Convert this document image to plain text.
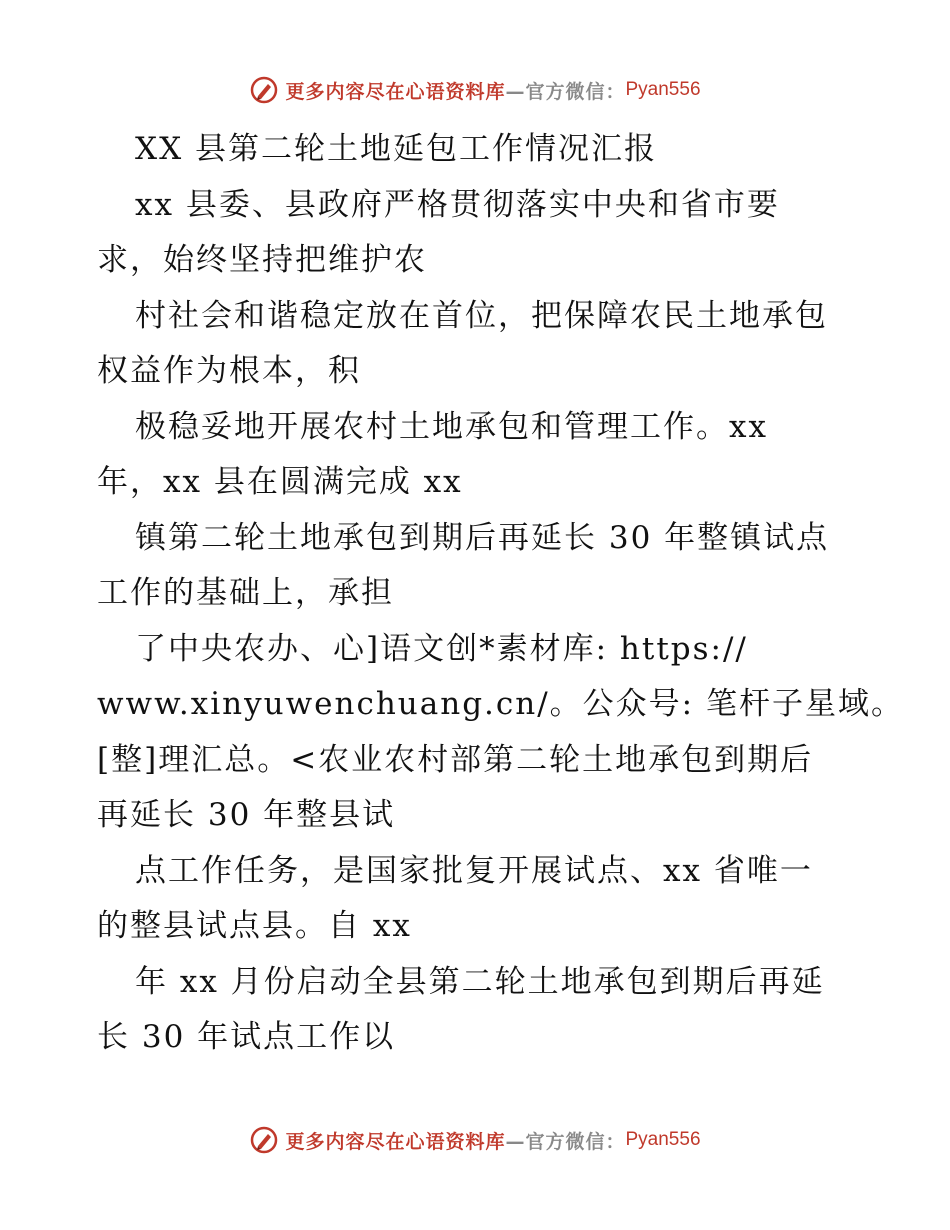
更多内容尽在心语资料库 —官方微信： Pyan556
XX 县第二轮土地延包工作情况汇报
xx 县委、县政府严格贯彻落实中央和省市要
求，始终坚持把维护农
村社会和谐稳定放在首位，把保障农民土地承包
权益作为根本，积
极稳妥地开展农村土地承包和管理工作。xx
年，xx 县在圆满完成 xx
镇第二轮土地承包到期后再延长 30 年整镇试点
工作的基础上，承担
了中央农办、心]语文创*素材库: https://
www.xinyuwenchuang.cn/。公众号: 笔杆子星域。
[整]理汇总。<农业农村部第二轮土地承包到期后
再延长 30 年整县试
点工作任务，是国家批复开展试点、xx 省唯一
的整县试点县。自 xx
年 xx 月份启动全县第二轮土地承包到期后再延
长 30 年试点工作以
更多内容尽在心语资料库 —官方微信： Pyan556
